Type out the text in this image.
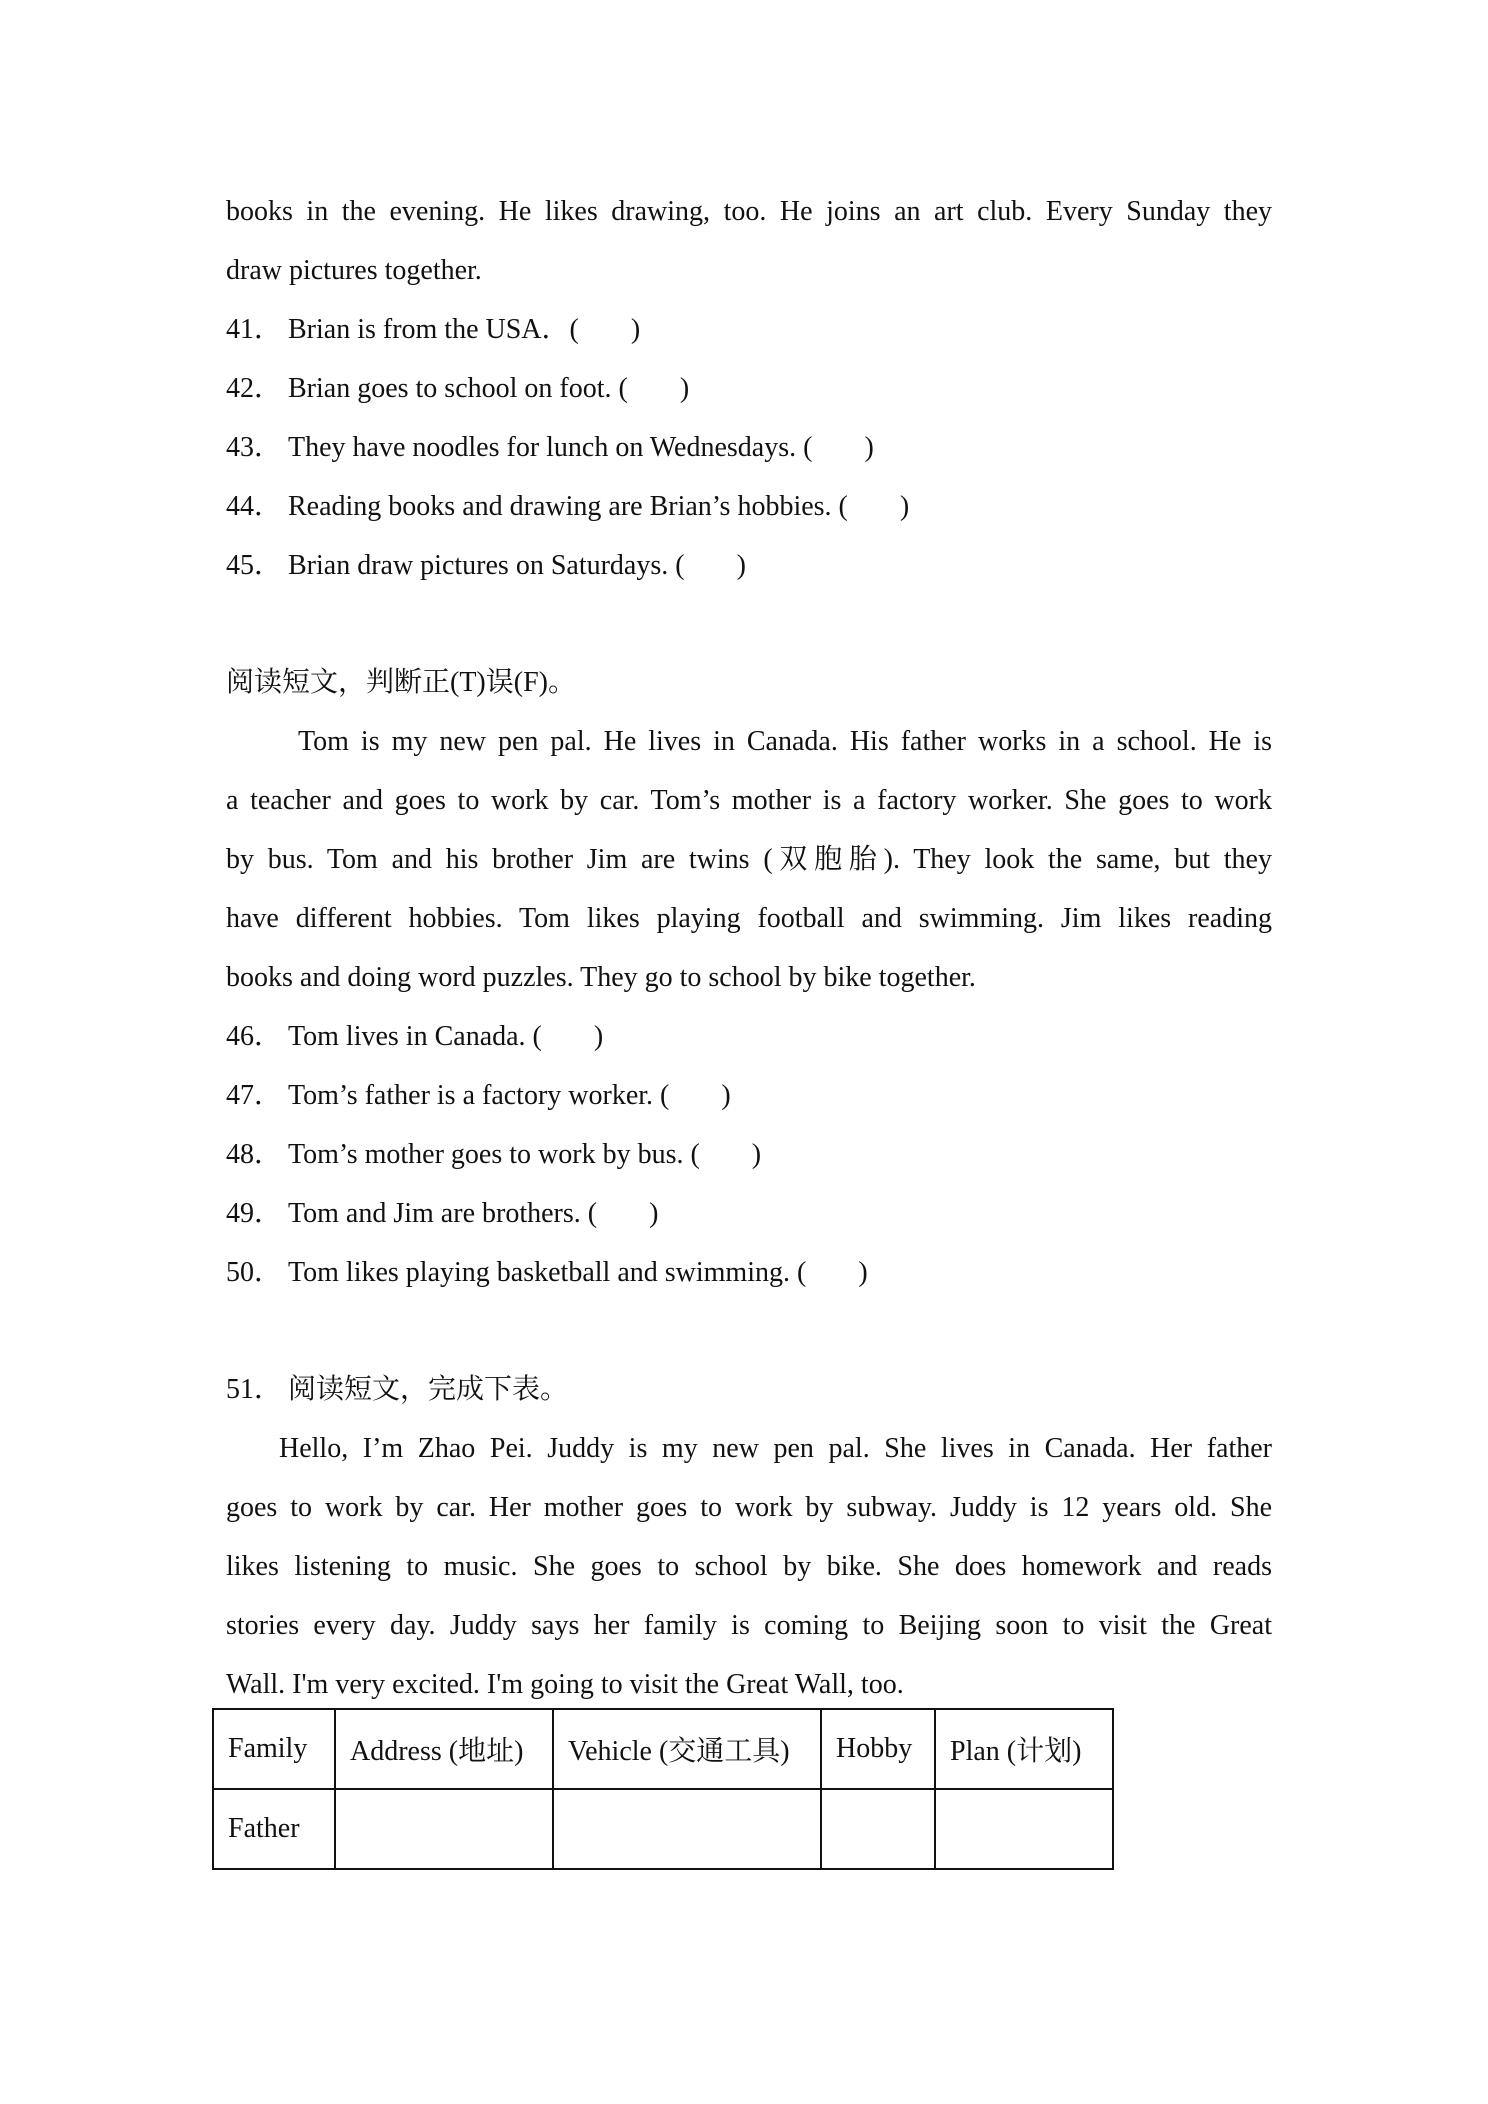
books in the evening. He likes drawing, too. He joins an art club. Every Sunday they
draw pictures together.
41． Brian is from the USA．( )
42． Brian goes to school on foot. ( )
43． They have noodles for lunch on Wednesdays. ( )
44． Reading books and drawing are Brian’s hobbies. ( )
45． Brian draw pictures on Saturdays. ( )
阅读短文，判断正(T)误(F)。
Tom is my new pen pal. He lives in Canada. His father works in a school. He is
a teacher and goes to work by car. Tom’s mother is a factory worker. She goes to work
by bus. Tom and his brother Jim are twins (双胞胎). They look the same, but they
have different hobbies. Tom likes playing football and swimming. Jim likes reading
books and doing word puzzles. They go to school by bike together.
46． Tom lives in Canada. ( )
47． Tom’s father is a factory worker. ( )
48． Tom’s mother goes to work by bus. ( )
49． Tom and Jim are brothers. ( )
50． Tom likes playing basketball and swimming. ( )
51． 阅读短文，完成下表。
Hello, I’m Zhao Pei. Juddy is my new pen pal. She lives in Canada. Her father
goes to work by car. Her mother goes to work by subway. Juddy is 12 years old. She
likes listening to music. She goes to school by bike. She does homework and reads
stories every day. Juddy says her family is coming to Beijing soon to visit the Great
Wall. I'm very excited. I'm going to visit the Great Wall, too.
Family	Address (地址)	Vehicle (交通工具)	Hobby	Plan (计划)
Father				
